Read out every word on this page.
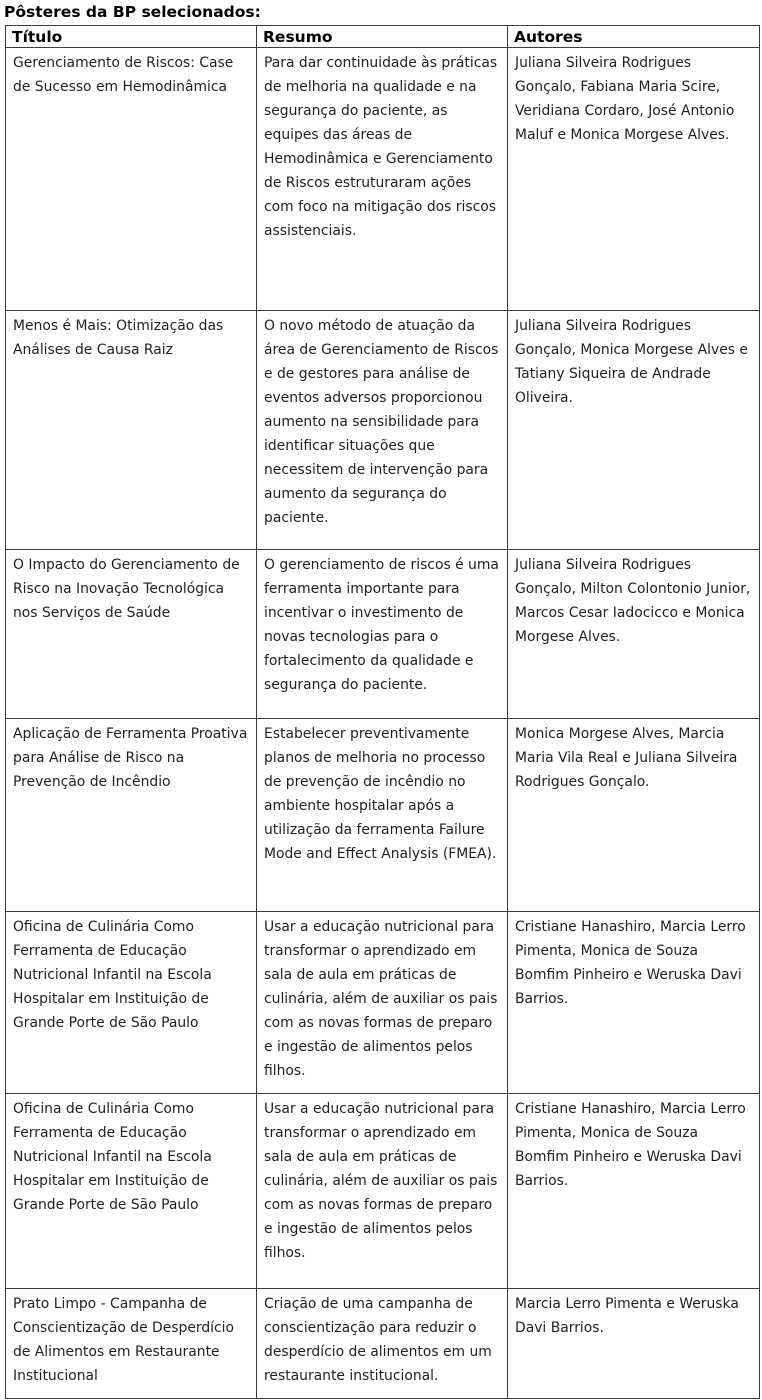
Pôsteres da BP selecionados:
Título	Resumo	Autores
Gerenciamento de Riscos: Case de Sucesso em Hemodinâmica	Para dar continuidade às práticas de melhoria na qualidade e na segurança do paciente, as equipes das áreas de Hemodinâmica e Gerenciamento de Riscos estruturaram ações com foco na mitigação dos riscos assistenciais.	Juliana Silveira Rodrigues Gonçalo, Fabiana Maria Scire, Veridiana Cordaro, José Antonio Maluf e Monica Morgese Alves.
Menos é Mais: Otimização das Análises de Causa Raiz	O novo método de atuação da área de Gerenciamento de Riscos e de gestores para análise de eventos adversos proporcionou aumento na sensibilidade para identificar situações que necessitem de intervenção para aumento da segurança do paciente.	Juliana Silveira Rodrigues Gonçalo, Monica Morgese Alves e Tatiany Siqueira de Andrade Oliveira.
O Impacto do Gerenciamento de Risco na Inovação Tecnológica nos Serviços de Saúde	O gerenciamento de riscos é uma ferramenta importante para incentivar o investimento de novas tecnologias para o fortalecimento da qualidade e segurança do paciente.	Juliana Silveira Rodrigues Gonçalo, Milton Colontonio Junior, Marcos Cesar Iadocicco e Monica Morgese Alves.
Aplicação de Ferramenta Proativa para Análise de Risco na Prevenção de Incêndio	Estabelecer preventivamente planos de melhoria no processo de prevenção de incêndio no ambiente hospitalar após a utilização da ferramenta Failure Mode and Effect Analysis (FMEA).	Monica Morgese Alves, Marcia Maria Vila Real e Juliana Silveira Rodrigues Gonçalo.
Oficina de Culinária Como Ferramenta de Educação Nutricional Infantil na Escola Hospitalar em Instituição de Grande Porte de São Paulo	Usar a educação nutricional para transformar o aprendizado em sala de aula em práticas de culinária, além de auxiliar os pais com as novas formas de preparo e ingestão de alimentos pelos filhos.	Cristiane Hanashiro, Marcia Lerro Pimenta, Monica de Souza Bomfim Pinheiro e Weruska Davi Barrios.
Oficina de Culinária Como Ferramenta de Educação Nutricional Infantil na Escola Hospitalar em Instituição de Grande Porte de São Paulo	Usar a educação nutricional para transformar o aprendizado em sala de aula em práticas de culinária, além de auxiliar os pais com as novas formas de preparo e ingestão de alimentos pelos filhos.	Cristiane Hanashiro, Marcia Lerro Pimenta, Monica de Souza Bomfim Pinheiro e Weruska Davi Barrios.
Prato Limpo - Campanha de Conscientização de Desperdício de Alimentos em Restaurante Institucional	Criação de uma campanha de conscientização para reduzir o desperdício de alimentos em um restaurante institucional.	Marcia Lerro Pimenta e Weruska Davi Barrios.
